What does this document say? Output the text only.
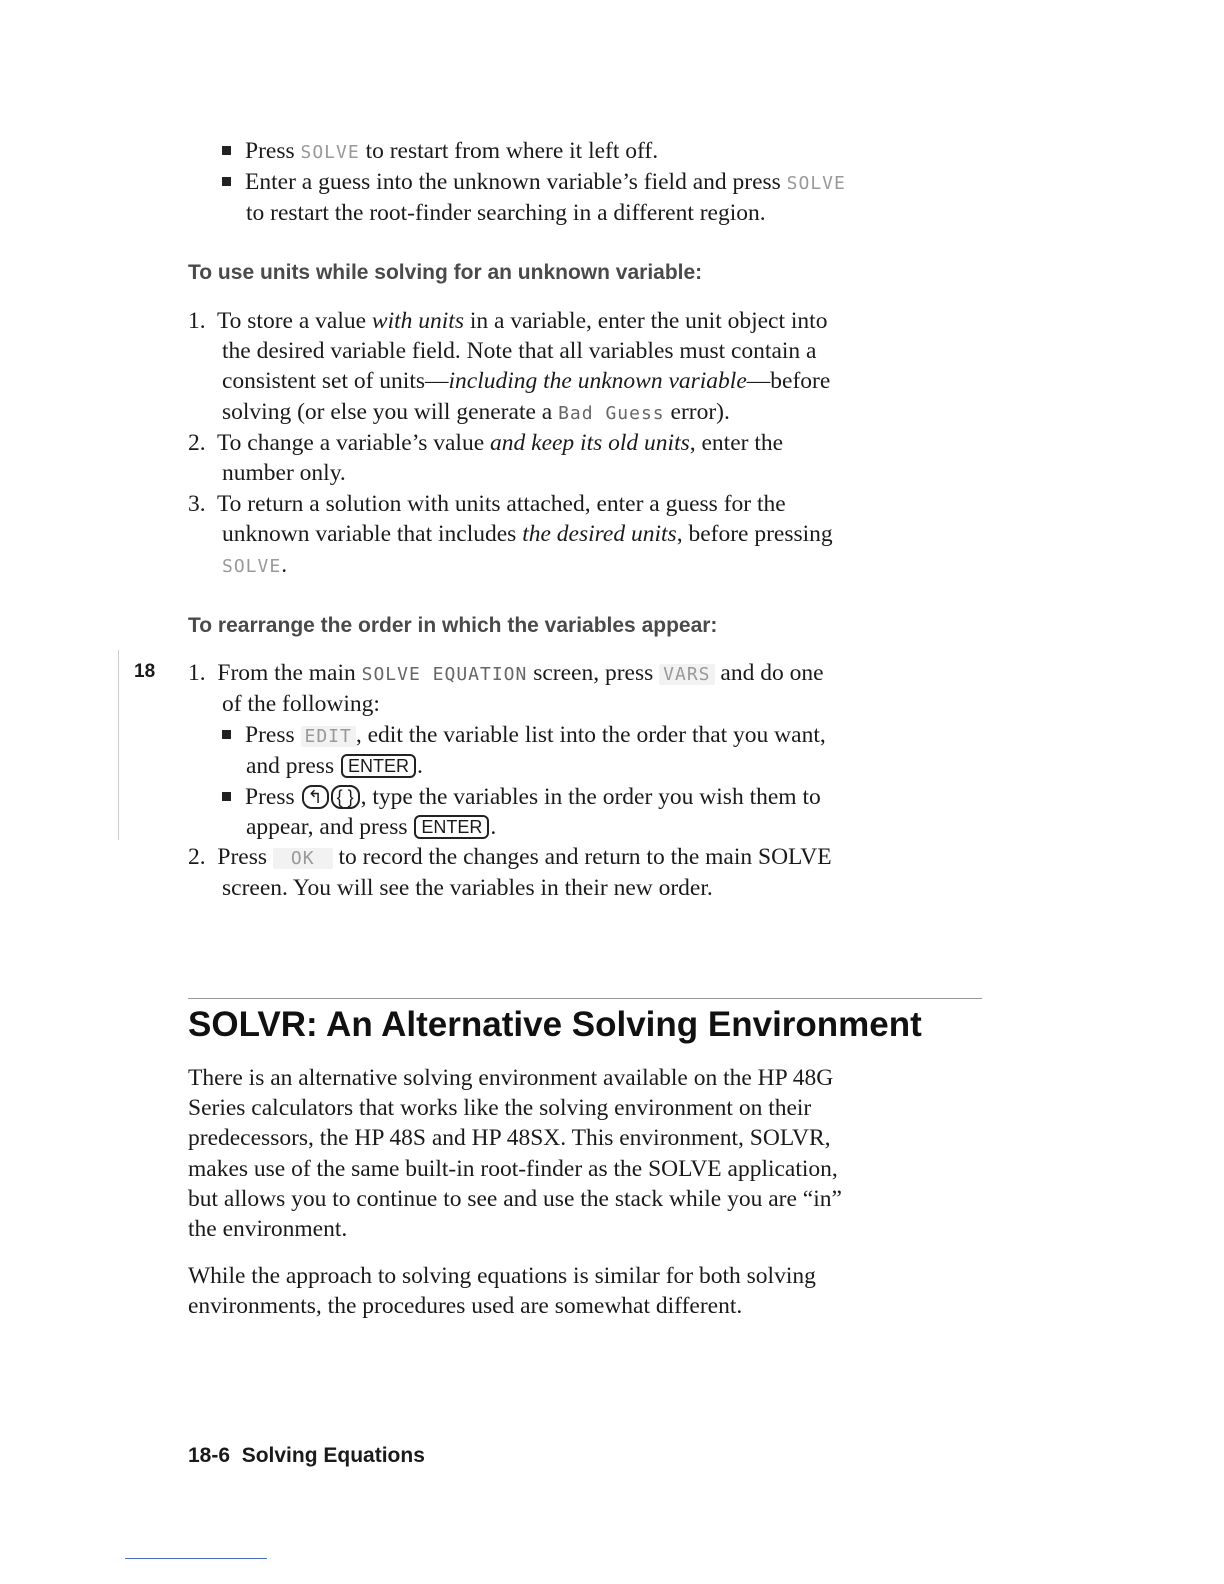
Press SOLVE to restart from where it left off.
Enter a guess into the unknown variable’s field and press SOLVE
to restart the root-finder searching in a different region.
To use units while solving for an unknown variable:
1. To store a value with units in a variable, enter the unit object into
the desired variable field. Note that all variables must contain a
consistent set of units—including the unknown variable—before
solving (or else you will generate a Bad Guess error).
2. To change a variable’s value and keep its old units, enter the
number only.
3. To return a solution with units attached, enter a guess for the
unknown variable that includes the desired units, before pressing
SOLVE.
To rearrange the order in which the variables appear:
18 1. From the main SOLVE EQUATION screen, press VARS and do one
of the following:
Press EDIT , edit the variable list into the order that you want,
and press ENTER .
Press ↰ { } , type the variables in the order you wish them to
appear, and press ENTER .
2. Press OK to record the changes and return to the main SOLVE
screen. You will see the variables in their new order.
SOLVR: An Alternative Solving Environment
There is an alternative solving environment available on the HP 48G
Series calculators that works like the solving environment on their
predecessors, the HP 48S and HP 48SX. This environment, SOLVR,
makes use of the same built-in root-finder as the SOLVE application,
but allows you to continue to see and use the stack while you are “in”
the environment.
While the approach to solving equations is similar for both solving
environments, the procedures used are somewhat different.
18-6 Solving Equations
